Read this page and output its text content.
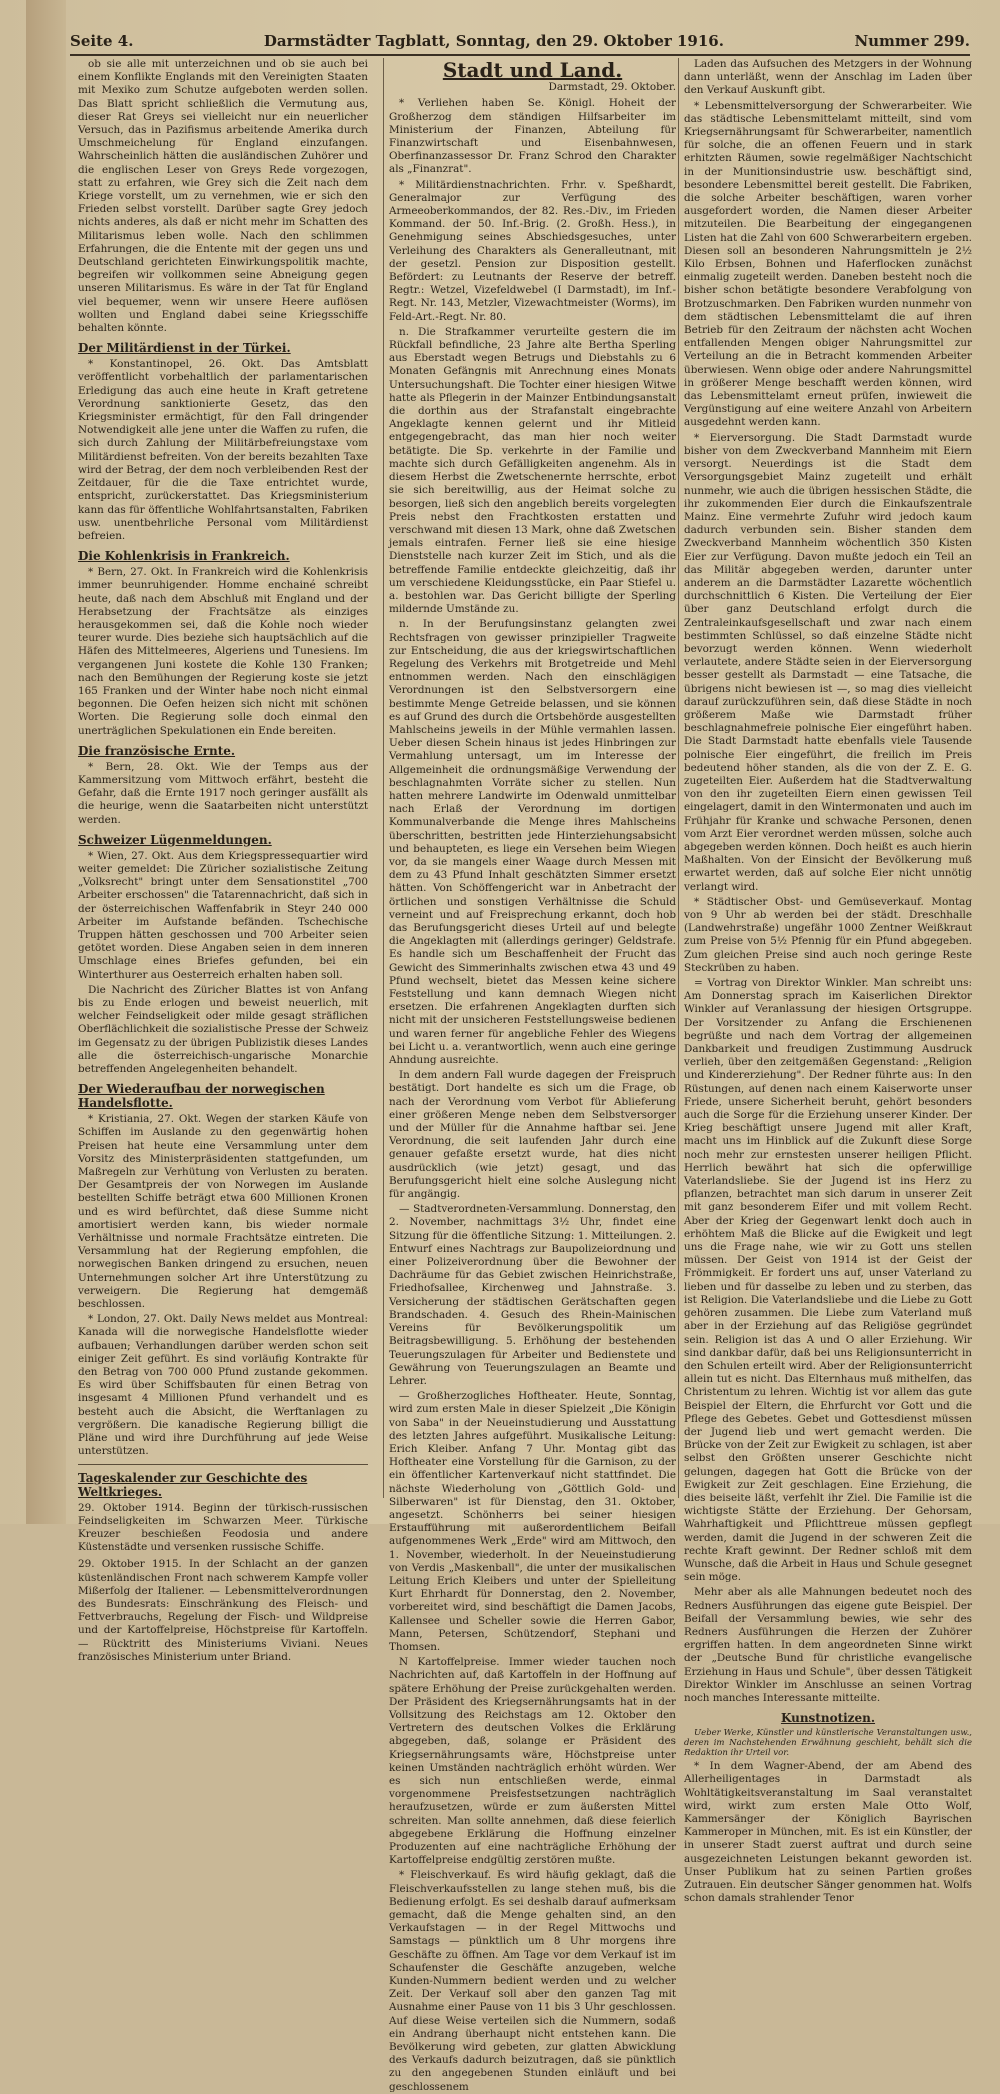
Seite 4.	Darmstädter Tagblatt, Sonntag, den 29. Oktober 1916.	Nummer 299.

ob sie alle mit unterzeichnen und ob sie auch bei einem Konflikte Englands mit den Vereinigten Staaten mit Mexiko zum Schutze aufgeboten werden sollen. Das Blatt spricht schließlich die Vermutung aus, dieser Rat Greys sei vielleicht nur ein neuerlicher Versuch, das in Pazifismus arbeitende Amerika durch Umschmeichelung für England einzufangen. Wahrscheinlich hätten die ausländischen Zuhörer und die englischen Leser von Greys Rede vorgezogen, statt zu erfahren, wie Grey sich die Zeit nach dem Kriege vorstellt, um zu vernehmen, wie er sich den Frieden selbst vorstellt. Darüber sagte Grey jedoch nichts anderes, als daß er nicht mehr im Schatten des Militarismus leben wolle. Nach den schlimmen Erfahrungen, die die Entente mit der gegen uns und Deutschland gerichteten Einwirkungspolitik machte, begreifen wir vollkommen seine Abneigung gegen unseren Militarismus. Es wäre in der Tat für England viel bequemer, wenn wir unsere Heere auflösen wollten und England dabei seine Kriegsschiffe behalten könnte.

Der Militärdienst in der Türkei.

* Konstantinopel, 26. Okt. Das Amtsblatt veröffentlicht vorbehaltlich der parlamentarischen Erledigung das auch eine heute in Kraft getretene Verordnung sanktionierte Gesetz, das den Kriegsminister ermächtigt, für den Fall dringender Notwendigkeit alle jene unter die Waffen zu rufen, die sich durch Zahlung der Militärbefreiungstaxe vom Militärdienst befreiten. Von der bereits bezahlten Taxe wird der Betrag, der dem noch verbleibenden Rest der Zeitdauer, für die die Taxe entrichtet wurde, entspricht, zurückerstattet. Das Kriegsministerium kann das für öffentliche Wohlfahrtsanstalten, Fabriken usw. unentbehrliche Personal vom Militärdienst befreien.

Die Kohlenkrisis in Frankreich.

* Bern, 27. Okt. In Frankreich wird die Kohlenkrisis immer beunruhigender. Homme enchainé schreibt heute, daß nach dem Abschluß mit England und der Herabsetzung der Frachtsätze als einziges herausgekommen sei, daß die Kohle noch wieder teurer wurde. Dies beziehe sich hauptsächlich auf die Häfen des Mittelmeeres, Algeriens und Tunesiens. Im vergangenen Juni kostete die Kohle 130 Franken; nach den Bemühungen der Regierung koste sie jetzt 165 Franken und der Winter habe noch nicht einmal begonnen. Die Oefen heizen sich nicht mit schönen Worten. Die Regierung solle doch einmal den unerträglichen Spekulationen ein Ende bereiten.

Die französische Ernte.

* Bern, 28. Okt. Wie der Temps aus der Kammersitzung vom Mittwoch erfährt, besteht die Gefahr, daß die Ernte 1917 noch geringer ausfällt als die heurige, wenn die Saatarbeiten nicht unterstützt werden.

Schweizer Lügenmeldungen.

* Wien, 27. Okt. Aus dem Kriegspressequartier wird weiter gemeldet: Die Züricher sozialistische Zeitung „Volksrecht" bringt unter dem Sensationstitel „700 Arbeiter erschossen" die Tatarennachricht, daß sich in der österreichischen Waffenfabrik in Steyr 240 000 Arbeiter im Aufstande befänden. Tschechische Truppen hätten geschossen und 700 Arbeiter seien getötet worden. Diese Angaben seien in dem inneren Umschlage eines Briefes gefunden, bei ein Winterthurer aus Oesterreich erhalten haben soll.

Die Nachricht des Züricher Blattes ist von Anfang bis zu Ende erlogen und beweist neuerlich, mit welcher Feindseligkeit oder milde gesagt sträflichen Oberflächlichkeit die sozialistische Presse der Schweiz im Gegensatz zu der übrigen Publizistik dieses Landes alle die österreichisch-ungarische Monarchie betreffenden Angelegenheiten behandelt.

Der Wiederaufbau der norwegischen Handelsflotte.

* Kristiania, 27. Okt. Wegen der starken Käufe von Schiffen im Auslande zu den gegenwärtig hohen Preisen hat heute eine Versammlung unter dem Vorsitz des Ministerpräsidenten stattgefunden, um Maßregeln zur Verhütung von Verlusten zu beraten. Der Gesamtpreis der von Norwegen im Auslande bestellten Schiffe beträgt etwa 600 Millionen Kronen und es wird befürchtet, daß diese Summe nicht amortisiert werden kann, bis wieder normale Verhältnisse und normale Frachtsätze eintreten. Die Versammlung hat der Regierung empfohlen, die norwegischen Banken dringend zu ersuchen, neuen Unternehmungen solcher Art ihre Unterstützung zu verweigern. Die Regierung hat demgemäß beschlossen.

* London, 27. Okt. Daily News meldet aus Montreal: Kanada will die norwegische Handelsflotte wieder aufbauen; Verhandlungen darüber werden schon seit einiger Zeit geführt. Es sind vorläufig Kontrakte für den Betrag von 700 000 Pfund zustande gekommen. Es wird über Schiffsbauten für einen Betrag von insgesamt 4 Millionen Pfund verhandelt und es besteht auch die Absicht, die Werftanlagen zu vergrößern. Die kanadische Regierung billigt die Pläne und wird ihre Durchführung auf jede Weise unterstützen.

Tageskalender zur Geschichte des Weltkrieges.

29. Oktober 1914. Beginn der türkisch-russischen Feindseligkeiten im Schwarzen Meer. Türkische Kreuzer beschießen Feodosia und andere Küstenstädte und versenken russische Schiffe.

29. Oktober 1915. In der Schlacht an der ganzen küstenländischen Front nach schwerem Kampfe voller Mißerfolg der Italiener. — Lebensmittelverordnungen des Bundesrats: Einschränkung des Fleisch- und Fettverbrauchs, Regelung der Fisch- und Wildpreise und der Kartoffelpreise, Höchstpreise für Kartoffeln. — Rücktritt des Ministeriums Viviani. Neues französisches Ministerium unter Briand.

Stadt und Land.
Darmstadt, 29. Oktober.

* Verliehen haben Se. Königl. Hoheit der Großherzog dem ständigen Hilfsarbeiter im Ministerium der Finanzen, Abteilung für Finanzwirtschaft und Eisenbahnwesen, Oberfinanzassessor Dr. Franz Schrod den Charakter als „Finanzrat".

* Militärdienstnachrichten. Frhr. v. Speßhardt, Generalmajor zur Verfügung des Armeeoberkommandos, der 82. Res.-Div., im Frieden Kommand. der 50. Inf.-Brig. (2. Großh. Hess.), in Genehmigung seines Abschiedsgesuches, unter Verleihung des Charakters als Generalleutnant, mit der gesetzl. Pension zur Disposition gestellt. Befördert: zu Leutnants der Reserve der betreff. Regtr.: Wetzel, Vizefeldwebel (I Darmstadt), im Inf.-Regt. Nr. 143, Metzler, Vizewachtmeister (Worms), im Feld-Art.-Regt. Nr. 80.

n. Die Strafkammer verurteilte gestern die im Rückfall befindliche, 23 Jahre alte Bertha Sperling aus Eberstadt wegen Betrugs und Diebstahls zu 6 Monaten Gefängnis mit Anrechnung eines Monats Untersuchungshaft. Die Tochter einer hiesigen Witwe hatte als Pflegerin in der Mainzer Entbindungsanstalt die dorthin aus der Strafanstalt eingebrachte Angeklagte kennen gelernt und ihr Mitleid entgegengebracht, das man hier noch weiter betätigte. Die Sp. verkehrte in der Familie und machte sich durch Gefälligkeiten angenehm. Als in diesem Herbst die Zwetschenernte herrschte, erbot sie sich bereitwillig, aus der Heimat solche zu besorgen, ließ sich den angeblich bereits vorgelegten Preis nebst den Frachtkosten erstatten und verschwand mit diesen 13 Mark, ohne daß Zwetschen jemals eintrafen. Ferner ließ sie eine hiesige Dienststelle nach kurzer Zeit im Stich, und als die betreffende Familie entdeckte gleichzeitig, daß ihr um verschiedene Kleidungsstücke, ein Paar Stiefel u. a. bestohlen war. Das Gericht billigte der Sperling mildernde Umstände zu.

n. In der Berufungsinstanz gelangten zwei Rechtsfragen von gewisser prinzipieller Tragweite zur Entscheidung, die aus der kriegswirtschaftlichen Regelung des Verkehrs mit Brotgetreide und Mehl entnommen werden. Nach den einschlägigen Verordnungen ist den Selbstversorgern eine bestimmte Menge Getreide belassen, und sie können es auf Grund des durch die Ortsbehörde ausgestellten Mahlscheins jeweils in der Mühle vermahlen lassen. Ueber diesen Schein hinaus ist jedes Hinbringen zur Vermahlung untersagt, um im Interesse der Allgemeinheit die ordnungsmäßige Verwendung der beschlagnahmten Vorräte sicher zu stellen. Nun hatten mehrere Landwirte im Odenwald unmittelbar nach Erlaß der Verordnung im dortigen Kommunalverbande die Menge ihres Mahlscheins überschritten, bestritten jede Hinterziehungsabsicht und behaupteten, es liege ein Versehen beim Wiegen vor, da sie mangels einer Waage durch Messen mit dem zu 43 Pfund Inhalt geschätzten Simmer ersetzt hätten. Von Schöffengericht war in Anbetracht der örtlichen und sonstigen Verhältnisse die Schuld verneint und auf Freisprechung erkannt, doch hob das Berufungsgericht dieses Urteil auf und belegte die Angeklagten mit (allerdings geringer) Geldstrafe. Es handle sich um Beschaffenheit der Frucht das Gewicht des Simmerinhalts zwischen etwa 43 und 49 Pfund wechselt, bietet das Messen keine sichere Feststellung und kann demnach Wiegen nicht ersetzen. Die erfahrenen Angeklagten durften sich nicht mit der unsicheren Feststellungsweise bedienen und waren ferner für angebliche Fehler des Wiegens bei Licht u. a. verantwortlich, wenn auch eine geringe Ahndung ausreichte.

In dem andern Fall wurde dagegen der Freispruch bestätigt. Dort handelte es sich um die Frage, ob nach der Verordnung vom Verbot für Ablieferung einer größeren Menge neben dem Selbstversorger und der Müller für die Annahme haftbar sei. Jene Verordnung, die seit laufenden Jahr durch eine genauer gefaßte ersetzt wurde, hat dies nicht ausdrücklich (wie jetzt) gesagt, und das Berufungsgericht hielt eine solche Auslegung nicht für angängig.

— Stadtverordneten-Versammlung. Donnerstag, den 2. November, nachmittags 3½ Uhr, findet eine Sitzung für die öffentliche Sitzung: 1. Mitteilungen. 2. Entwurf eines Nachtrags zur Baupolizeiordnung und einer Polizeiverordnung über die Bewohner der Dachräume für das Gebiet zwischen Heinrichstraße, Friedhofsallee, Kirchenweg und Jahnstraße. 3. Versicherung der städtischen Gerätschaften gegen Brandschaden. 4. Gesuch des Rhein-Mainischen Vereins für Bevölkerungspolitik um Beitragsbewilligung. 5. Erhöhung der bestehenden Teuerungszulagen für Arbeiter und Bedienstete und Gewährung von Teuerungszulagen an Beamte und Lehrer.

— Großherzogliches Hoftheater. Heute, Sonntag, wird zum ersten Male in dieser Spielzeit „Die Königin von Saba" in der Neueinstudierung und Ausstattung des letzten Jahres aufgeführt. Musikalische Leitung: Erich Kleiber. Anfang 7 Uhr. Montag gibt das Hoftheater eine Vorstellung für die Garnison, zu der ein öffentlicher Kartenverkauf nicht stattfindet. Die nächste Wiederholung von „Göttlich Gold- und Silberwaren" ist für Dienstag, den 31. Oktober, angesetzt. Schönherrs bei seiner hiesigen Erstaufführung mit außerordentlichem Beifall aufgenommenes Werk „Erde" wird am Mittwoch, den 1. November, wiederholt. In der Neueinstudierung von Verdis „Maskenball", die unter der musikalischen Leitung Erich Kleibers und unter der Spielleitung Kurt Ehrhardt für Donnerstag, den 2. November, vorbereitet wird, sind beschäftigt die Damen Jacobs, Kallensee und Scheller sowie die Herren Gabor, Mann, Petersen, Schützendorf, Stephani und Thomsen.

N Kartoffelpreise. Immer wieder tauchen noch Nachrichten auf, daß Kartoffeln in der Hoffnung auf spätere Erhöhung der Preise zurückgehalten werden. Der Präsident des Kriegsernährungsamts hat in der Vollsitzung des Reichstags am 12. Oktober den Vertretern des deutschen Volkes die Erklärung abgegeben, daß, solange er Präsident des Kriegsernährungsamts wäre, Höchstpreise unter keinen Umständen nachträglich erhöht würden. Wer es sich nun entschließen werde, einmal vorgenommene Preisfestsetzungen nachträglich heraufzusetzen, würde er zum äußersten Mittel schreiten. Man sollte annehmen, daß diese feierlich abgegebene Erklärung die Hoffnung einzelner Produzenten auf eine nachträgliche Erhöhung der Kartoffelpreise endgültig zerstören mußte.

* Fleischverkauf. Es wird häufig geklagt, daß die Fleischverkaufsstellen zu lange stehen muß, bis die Bedienung erfolgt. Es sei deshalb darauf aufmerksam gemacht, daß die Menge gehalten sind, an den Verkaufstagen — in der Regel Mittwochs und Samstags — pünktlich um 8 Uhr morgens ihre Geschäfte zu öffnen. Am Tage vor dem Verkauf ist im Schaufenster die Geschäfte anzugeben, welche Kunden-Nummern bedient werden und zu welcher Zeit. Der Verkauf soll aber den ganzen Tag mit Ausnahme einer Pause von 11 bis 3 Uhr geschlossen. Auf diese Weise verteilen sich die Nummern, sodaß ein Andrang überhaupt nicht entstehen kann. Die Bevölkerung wird gebeten, zur glatten Abwicklung des Verkaufs dadurch beizutragen, daß sie pünktlich zu den angegebenen Stunden einläuft und bei geschlossenem

Laden das Aufsuchen des Metzgers in der Wohnung dann unterläßt, wenn der Anschlag im Laden über den Verkauf Auskunft gibt.

* Lebensmittelversorgung der Schwerarbeiter. Wie das städtische Lebensmittelamt mitteilt, sind vom Kriegsernährungsamt für Schwerarbeiter, namentlich für solche, die an offenen Feuern und in stark erhitzten Räumen, sowie regelmäßiger Nachtschicht in der Munitionsindustrie usw. beschäftigt sind, besondere Lebensmittel bereit gestellt. Die Fabriken, die solche Arbeiter beschäftigen, waren vorher ausgefordert worden, die Namen dieser Arbeiter mitzuteilen. Die Bearbeitung der eingegangenen Listen hat die Zahl von 600 Schwerarbeitern ergeben. Diesen soll an besonderen Nahrungsmitteln je 2½ Kilo Erbsen, Bohnen und Haferflocken zunächst einmalig zugeteilt werden. Daneben besteht noch die bisher schon betätigte besondere Verabfolgung von Brotzuschmarken. Den Fabriken wurden nunmehr von dem städtischen Lebensmittelamt die auf ihren Betrieb für den Zeitraum der nächsten acht Wochen entfallenden Mengen obiger Nahrungsmittel zur Verteilung an die in Betracht kommenden Arbeiter überwiesen. Wenn obige oder andere Nahrungsmittel in größerer Menge beschafft werden können, wird das Lebensmittelamt erneut prüfen, inwieweit die Vergünstigung auf eine weitere Anzahl von Arbeitern ausgedehnt werden kann.

* Eierversorgung. Die Stadt Darmstadt wurde bisher von dem Zweckverband Mannheim mit Eiern versorgt. Neuerdings ist die Stadt dem Versorgungsgebiet Mainz zugeteilt und erhält nunmehr, wie auch die übrigen hessischen Städte, die ihr zukommenden Eier durch die Einkaufszentrale Mainz. Eine vermehrte Zufuhr wird jedoch kaum dadurch verbunden sein. Bisher standen dem Zweckverband Mannheim wöchentlich 350 Kisten Eier zur Verfügung. Davon mußte jedoch ein Teil an das Militär abgegeben werden, darunter unter anderem an die Darmstädter Lazarette wöchentlich durchschnittlich 6 Kisten. Die Verteilung der Eier über ganz Deutschland erfolgt durch die Zentraleinkaufsgesellschaft und zwar nach einem bestimmten Schlüssel, so daß einzelne Städte nicht bevorzugt werden können. Wenn wiederholt verlautete, andere Städte seien in der Eierversorgung besser gestellt als Darmstadt — eine Tatsache, die übrigens nicht bewiesen ist —, so mag dies vielleicht darauf zurückzuführen sein, daß diese Städte in noch größerem Maße wie Darmstadt früher beschlagnahmefreie polnische Eier eingeführt haben. Die Stadt Darmstadt hatte ebenfalls viele Tausende polnische Eier eingeführt, die freilich im Preis bedeutend höher standen, als die von der Z. E. G. zugeteilten Eier. Außerdem hat die Stadtverwaltung von den ihr zugeteilten Eiern einen gewissen Teil eingelagert, damit in den Wintermonaten und auch im Frühjahr für Kranke und schwache Personen, denen vom Arzt Eier verordnet werden müssen, solche auch abgegeben werden können. Doch heißt es auch hierin Maßhalten. Von der Einsicht der Bevölkerung muß erwartet werden, daß auf solche Eier nicht unnötig verlangt wird.

* Städtischer Obst- und Gemüseverkauf. Montag von 9 Uhr ab werden bei der städt. Dreschhalle (Landwehrstraße) ungefähr 1000 Zentner Weißkraut zum Preise von 5½ Pfennig für ein Pfund abgegeben. Zum gleichen Preise sind auch noch geringe Reste Steckrüben zu haben.

= Vortrag von Direktor Winkler. Man schreibt uns: Am Donnerstag sprach im Kaiserlichen Direktor Winkler auf Veranlassung der hiesigen Ortsgruppe. Der Vorsitzender zu Anfang die Erschienenen begrüßte und nach dem Vortrag der allgemeinen Dankbarkeit und freudigen Zustimmung Ausdruck verlieh, über den zeitgemäßen Gegenstand: „Religion und Kindererziehung". Der Redner führte aus: In den Rüstungen, auf denen nach einem Kaiserworte unser Friede, unsere Sicherheit beruht, gehört besonders auch die Sorge für die Erziehung unserer Kinder. Der Krieg beschäftigt unsere Jugend mit aller Kraft, macht uns im Hinblick auf die Zukunft diese Sorge noch mehr zur ernstesten unserer heiligen Pflicht. Herrlich bewährt hat sich die opferwillige Vaterlandsliebe. Sie der Jugend ist ins Herz zu pflanzen, betrachtet man sich darum in unserer Zeit mit ganz besonderem Eifer und mit vollem Recht. Aber der Krieg der Gegenwart lenkt doch auch in erhöhtem Maß die Blicke auf die Ewigkeit und legt uns die Frage nahe, wie wir zu Gott uns stellen müssen. Der Geist von 1914 ist der Geist der Frömmigkeit. Er fordert uns auf, unser Vaterland zu lieben und für dasselbe zu leben und zu sterben, das ist Religion. Die Vaterlandsliebe und die Liebe zu Gott gehören zusammen. Die Liebe zum Vaterland muß aber in der Erziehung auf das Religiöse gegründet sein. Religion ist das A und O aller Erziehung. Wir sind dankbar dafür, daß bei uns Religionsunterricht in den Schulen erteilt wird. Aber der Religionsunterricht allein tut es nicht. Das Elternhaus muß mithelfen, das Christentum zu lehren. Wichtig ist vor allem das gute Beispiel der Eltern, die Ehrfurcht vor Gott und die Pflege des Gebetes. Gebet und Gottesdienst müssen der Jugend lieb und wert gemacht werden. Die Brücke von der Zeit zur Ewigkeit zu schlagen, ist aber selbst den Größten unserer Geschichte nicht gelungen, dagegen hat Gott die Brücke von der Ewigkeit zur Zeit geschlagen. Eine Erziehung, die dies beiseite läßt, verfehlt ihr Ziel. Die Familie ist die wichtigste Stätte der Erziehung. Der Gehorsam, Wahrhaftigkeit und Pflichttreue müssen gepflegt werden, damit die Jugend in der schweren Zeit die rechte Kraft gewinnt. Der Redner schloß mit dem Wunsche, daß die Arbeit in Haus und Schule gesegnet sein möge.

Mehr aber als alle Mahnungen bedeutet noch des Redners Ausführungen das eigene gute Beispiel. Der Beifall der Versammlung bewies, wie sehr des Redners Ausführungen die Herzen der Zuhörer ergriffen hatten. In dem angeordneten Sinne wirkt der „Deutsche Bund für christliche evangelische Erziehung in Haus und Schule", über dessen Tätigkeit Direktor Winkler im Anschlusse an seinen Vortrag noch manches Interessante mitteilte.

Kunstnotizen.

Ueber Werke, Künstler und künstlerische Veranstaltungen usw., deren im Nachstehenden Erwähnung geschieht, behält sich die Redaktion ihr Urteil vor.

* In dem Wagner-Abend, der am Abend des Allerheiligentages in Darmstadt als Wohltätigkeitsveranstaltung im Saal veranstaltet wird, wirkt zum ersten Male Otto Wolf, Kammersänger der Königlich Bayrischen Kammeroper in München, mit. Es ist ein Künstler, der in unserer Stadt zuerst auftrat und durch seine ausgezeichneten Leistungen bekannt geworden ist. Unser Publikum hat zu seinen Partien großes Zutrauen. Ein deutscher Sänger genommen hat. Wolfs schon damals strahlender Tenor
